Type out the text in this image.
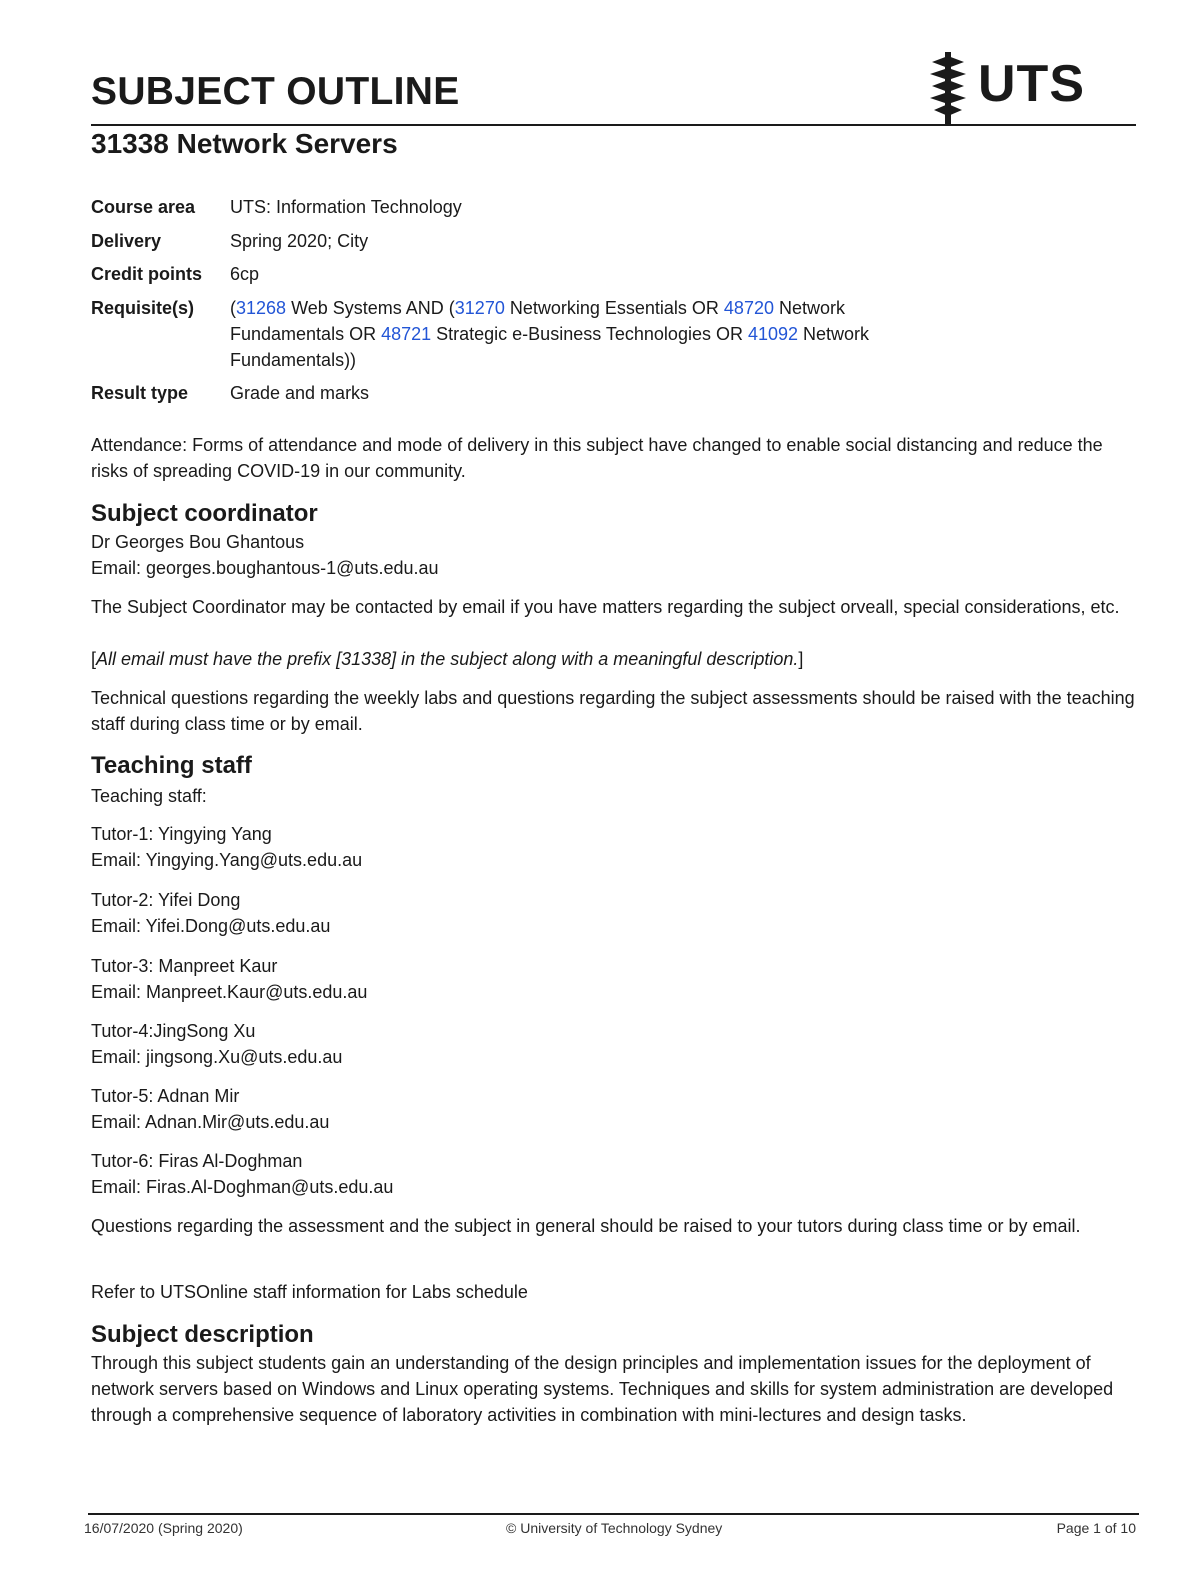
SUBJECT OUTLINE	UTS
31338 Network Servers
Course area	UTS: Information Technology
Delivery	Spring 2020; City
Credit points	6cp
Requisite(s)	(31268 Web Systems AND (31270 Networking Essentials OR 48720 Network
Fundamentals OR 48721 Strategic e-Business Technologies OR 41092 Network
Fundamentals))
Result type	Grade and marks

Attendance: Forms of attendance and mode of delivery in this subject have changed to enable social distancing and reduce the risks of spreading COVID-19 in our community.

Subject coordinator

Dr Georges Bou Ghantous

Email: georges.boughantous-1@uts.edu.au

The Subject Coordinator may be contacted by email if you have matters regarding the subject orveall, special considerations, etc.

[All email must have the prefix [31338] in the subject along with a meaningful description.]

Technical questions regarding the weekly labs and questions regarding the subject assessments should be raised with the teaching staff during class time or by email.

Teaching staff

Teaching staff:

Tutor-1: Yingying Yang

Email: Yingying.Yang@uts.edu.au

Tutor-2: Yifei Dong

Email: Yifei.Dong@uts.edu.au

Tutor-3: Manpreet Kaur

Email: Manpreet.Kaur@uts.edu.au

Tutor-4:JingSong Xu

Email: jingsong.Xu@uts.edu.au

Tutor-5: Adnan Mir

Email: Adnan.Mir@uts.edu.au

Tutor-6: Firas Al-Doghman

Email: Firas.Al-Doghman@uts.edu.au

Questions regarding the assessment and the subject in general should be raised to your tutors during class time or by email.

Refer to UTSOnline staff information for Labs schedule

Subject description

Through this subject students gain an understanding of the design principles and implementation issues for the deployment of network servers based on Windows and Linux operating systems. Techniques and skills for system administration are developed through a comprehensive sequence of laboratory activities in combination with mini-lectures and design tasks.

16/07/2020 (Spring 2020)	© University of Technology Sydney	Page 1 of 10
